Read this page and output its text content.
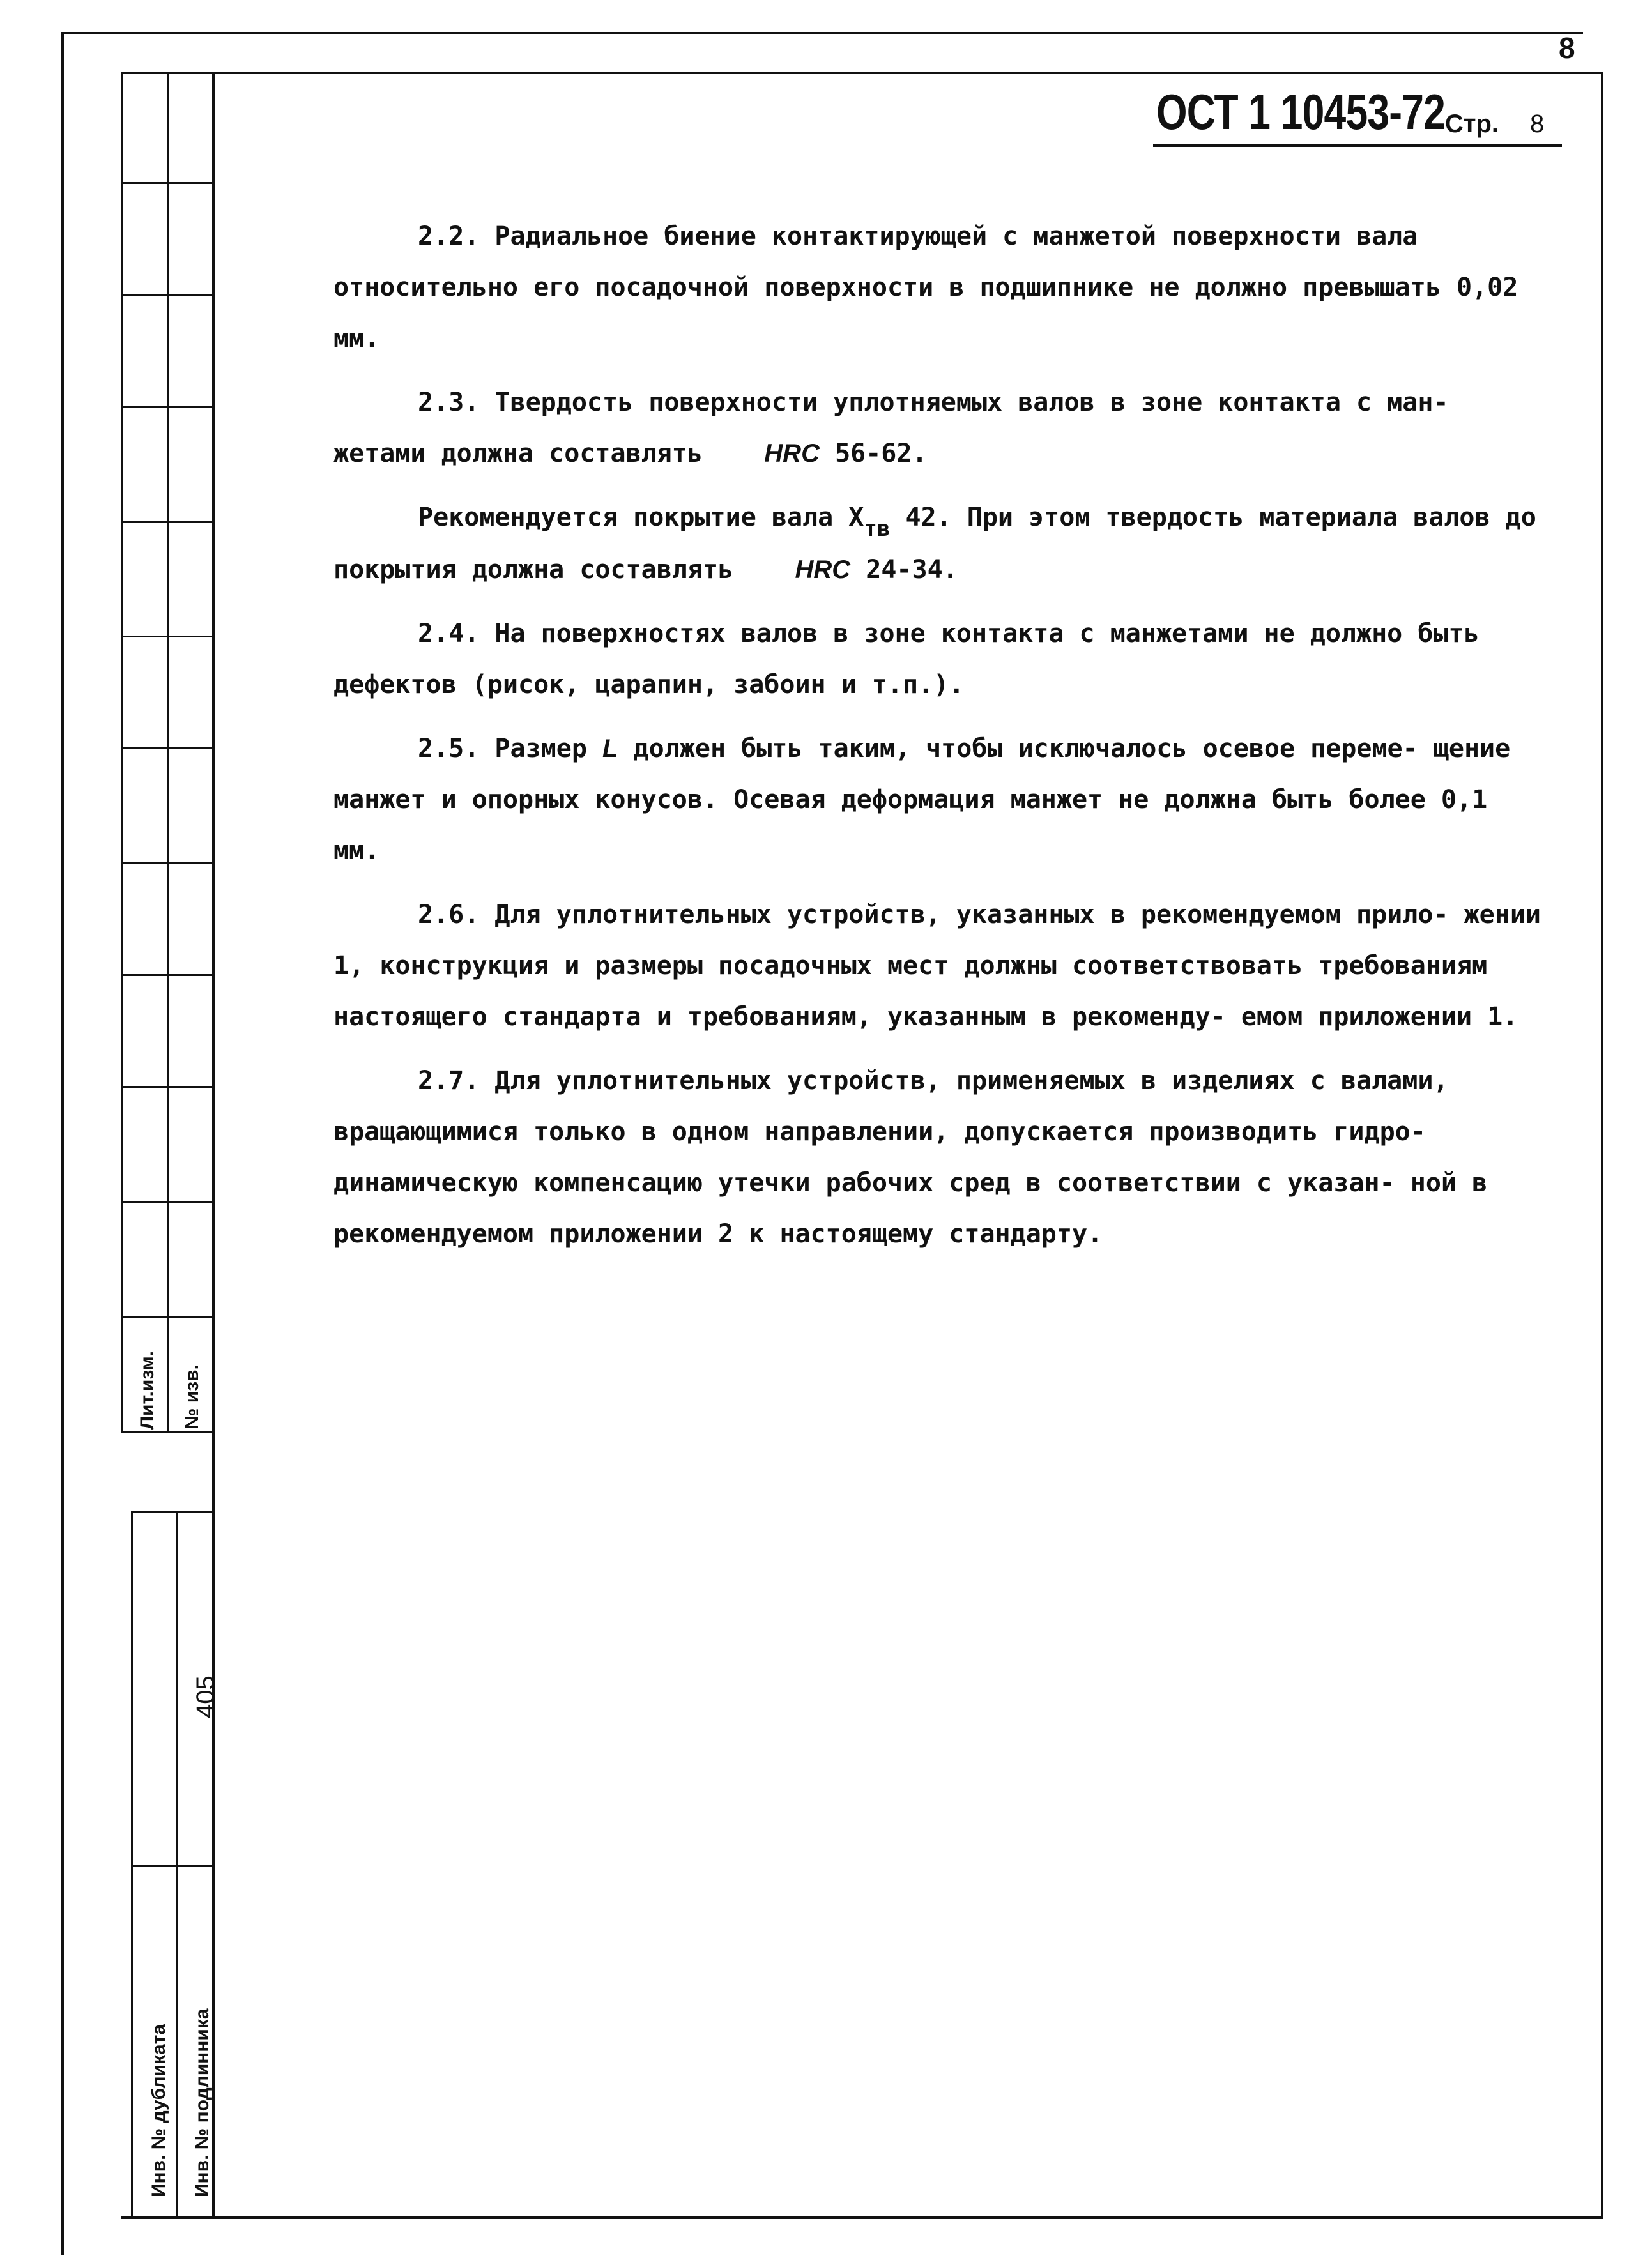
Лит.изм. № изв.
405
Инв. № дубликата Инв. № подлинника
8
ОСТ 1 10453-72 Стр. 8

2.2. Радиальное биение контактирующей с манжетой поверхности вала относительно его посадочной поверхности в подшипнике не должно превышать 0,02 мм.

2.3. Твердость поверхности уплотняемых валов в зоне контакта с ман- жетами должна составлять HRC 56-62.

Рекомендуется покрытие вала $Х_{тв}$ 42. При этом твердость материала валов до покрытия должна составлять HRC 24-34.

2.4. На поверхностях валов в зоне контакта с манжетами не должно быть дефектов (рисок, царапин, забоин и т.п.).

2.5. Размер L должен быть таким, чтобы исключалось осевое переме- щение манжет и опорных конусов. Осевая деформация манжет не должна быть более 0,1 мм.

2.6. Для уплотнительных устройств, указанных в рекомендуемом прило- жении 1, конструкция и размеры посадочных мест должны соответствовать требованиям настоящего стандарта и требованиям, указанным в рекоменду- емом приложении 1.

2.7. Для уплотнительных устройств, применяемых в изделиях с валами, вращающимися только в одном направлении, допускается производить гидро- динамическую компенсацию утечки рабочих сред в соответствии с указан- ной в рекомендуемом приложении 2 к настоящему стандарту.
